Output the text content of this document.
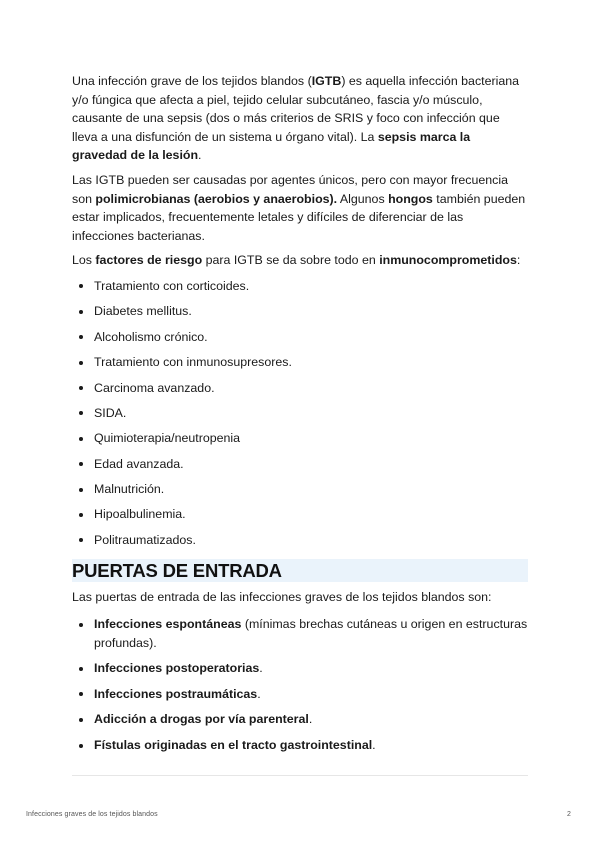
Una infección grave de los tejidos blandos (IGTB) es aquella infección bacteriana y/o fúngica que afecta a piel, tejido celular subcutáneo, fascia y/o músculo, causante de una sepsis (dos o más criterios de SRIS y foco con infección que lleva a una disfunción de un sistema u órgano vital). La sepsis marca la gravedad de la lesión.

Las IGTB pueden ser causadas por agentes únicos, pero con mayor frecuencia son polimicrobianas (aerobios y anaerobios). Algunos hongos también pueden estar implicados, frecuentemente letales y difíciles de diferenciar de las infecciones bacterianas.

Los factores de riesgo para IGTB se da sobre todo en inmunocomprometidos:

Tratamiento con corticoides.
Diabetes mellitus.
Alcoholismo crónico.
Tratamiento con inmunosupresores.
Carcinoma avanzado.
SIDA.
Quimioterapia/neutropenia
Edad avanzada.
Malnutrición.
Hipoalbulinemia.
Politraumatizados.
PUERTAS DE ENTRADA

Las puertas de entrada de las infecciones graves de los tejidos blandos son:

Infecciones espontáneas (mínimas brechas cutáneas u origen en estructuras profundas).
Infecciones postoperatorias.
Infecciones postraumáticas.
Adicción a drogas por vía parenteral.
Fístulas originadas en el tracto gastrointestinal.
Infecciones graves de los tejidos blandos	2
